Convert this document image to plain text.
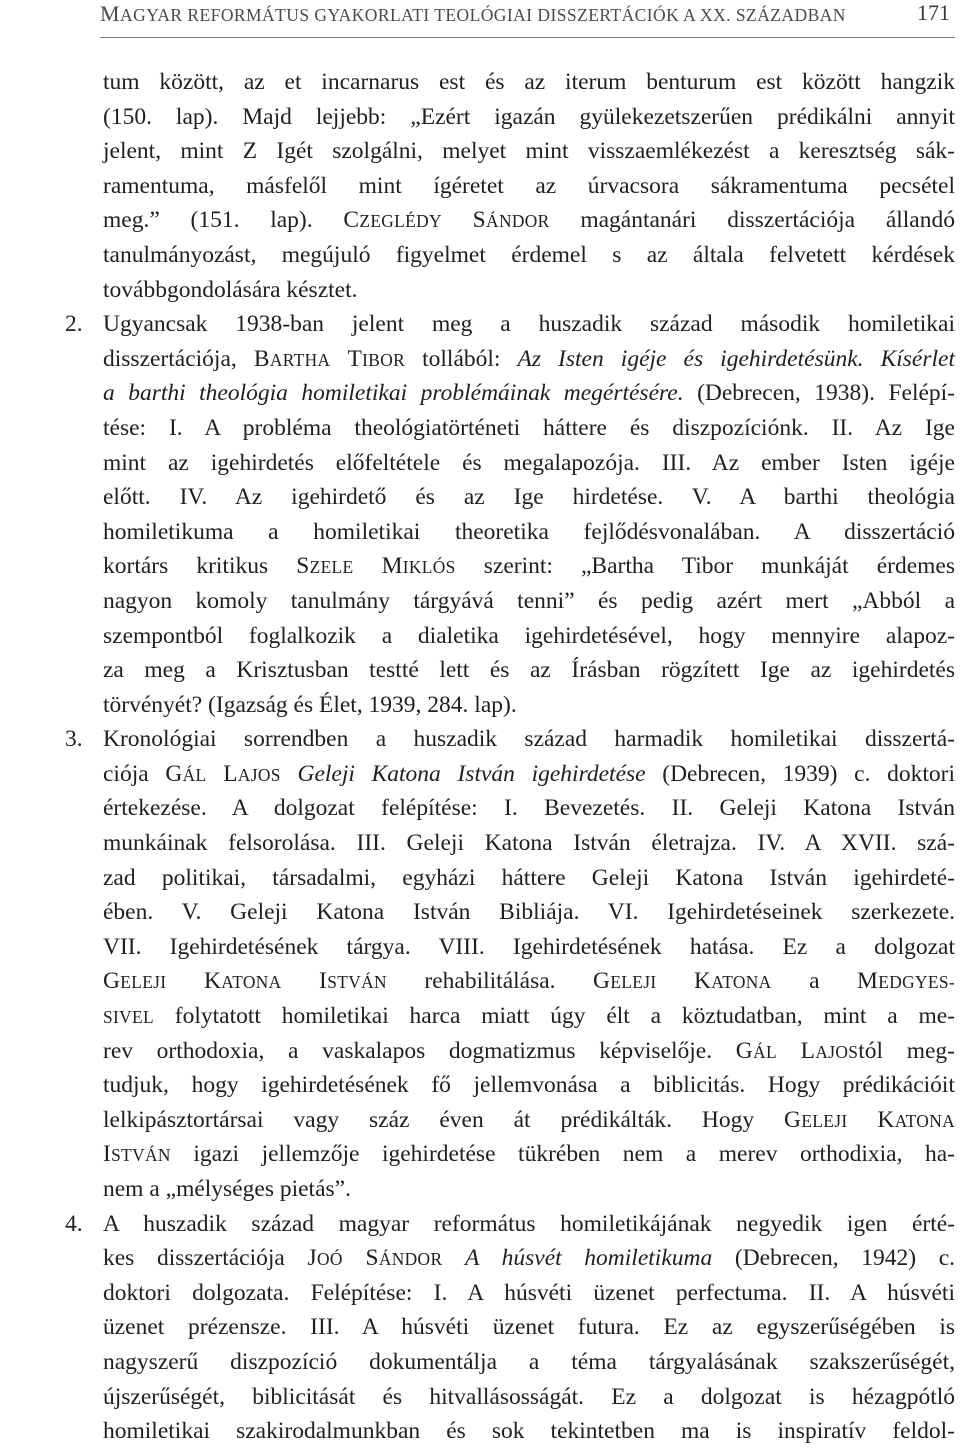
MAGYAR REFORMÁTUS GYAKORLATI TEOLÓGIAI DISSZERTÁCIÓK A XX. SZÁZADBAN	171
tum között, az et incarnarus est és az iterum benturum est között hangzik
(150. lap). Majd lejjebb: „Ezért igazán gyülekezetszerűen prédikálni annyit
jelent, mint Z Igét szolgálni, melyet mint visszaemlékezést a keresztség sák-
ramentuma, másfelől mint ígéretet az úrvacsora sákramentuma pecsétel
meg.” (151. lap). CZEGLÉDY SÁNDOR magántanári disszertációja állandó
tanulmányozást, megújuló figyelmet érdemel s az általa felvetett kérdések
továbbgondolására késztet.
2. Ugyancsak 1938-ban jelent meg a huszadik század második homiletikai
disszertációja, BARTHA TIBOR tollából: Az Isten igéje és igehirdetésünk. Kísérlet
a barthi theológia homiletikai problémáinak megértésére. (Debrecen, 1938). Felépí-
tése: I. A probléma theológiatörténeti háttere és diszpozíciónk. II. Az Ige
mint az igehirdetés előfeltétele és megalapozója. III. Az ember Isten igéje
előtt. IV. Az igehirdető és az Ige hirdetése. V. A barthi theológia
homiletikuma a homiletikai theoretika fejlődésvonalában. A disszertáció
kortárs kritikus SZELE MIKLÓS szerint: „Bartha Tibor munkáját érdemes
nagyon komoly tanulmány tárgyává tenni” és pedig azért mert „Abból a
szempontból foglalkozik a dialetika igehirdetésével, hogy mennyire alapoz-
za meg a Krisztusban testté lett és az Írásban rögzített Ige az igehirdetés
törvényét? (Igazság és Élet, 1939, 284. lap).
3. Kronológiai sorrendben a huszadik század harmadik homiletikai disszertá-
ciója GÁL LAJOS Geleji Katona István igehirdetése (Debrecen, 1939) c. doktori
értekezése. A dolgozat felépítése: I. Bevezetés. II. Geleji Katona István
munkáinak felsorolása. III. Geleji Katona István életrajza. IV. A XVII. szá-
zad politikai, társadalmi, egyházi háttere Geleji Katona István igehirdeté-
ében. V. Geleji Katona István Bibliája. VI. Igehirdetéseinek szerkezete.
VII. Igehirdetésének tárgya. VIII. Igehirdetésének hatása. Ez a dolgozat
GELEJI KATONA ISTVÁN rehabilitálása. GELEJI KATONA a MEDGYES-
SIVEL folytatott homiletikai harca miatt úgy élt a köztudatban, mint a me-
rev orthodoxia, a vaskalapos dogmatizmus képviselője. GÁL LAJOStól meg-
tudjuk, hogy igehirdetésének fő jellemvonása a biblicitás. Hogy prédikációit
lelkipásztortársai vagy száz éven át prédikálták. Hogy GELEJI KATONA
ISTVÁN igazi jellemzője igehirdetése tükrében nem a merev orthodixia, ha-
nem a „mélységes pietás”.
4. A huszadik század magyar református homiletikájának negyedik igen érté-
kes disszertációja JOÓ SÁNDOR A húsvét homiletikuma (Debrecen, 1942) c.
doktori dolgozata. Felépítése: I. A húsvéti üzenet perfectuma. II. A húsvéti
üzenet prézensze. III. A húsvéti üzenet futura. Ez az egyszerűségében is
nagyszerű diszpozíció dokumentálja a téma tárgyalásának szakszerűségét,
újszerűségét, biblicitását és hitvallásosságát. Ez a dolgozat is hézagpótló
homiletikai szakirodalmunkban és sok tekintetben ma is inspiratív feldol-
